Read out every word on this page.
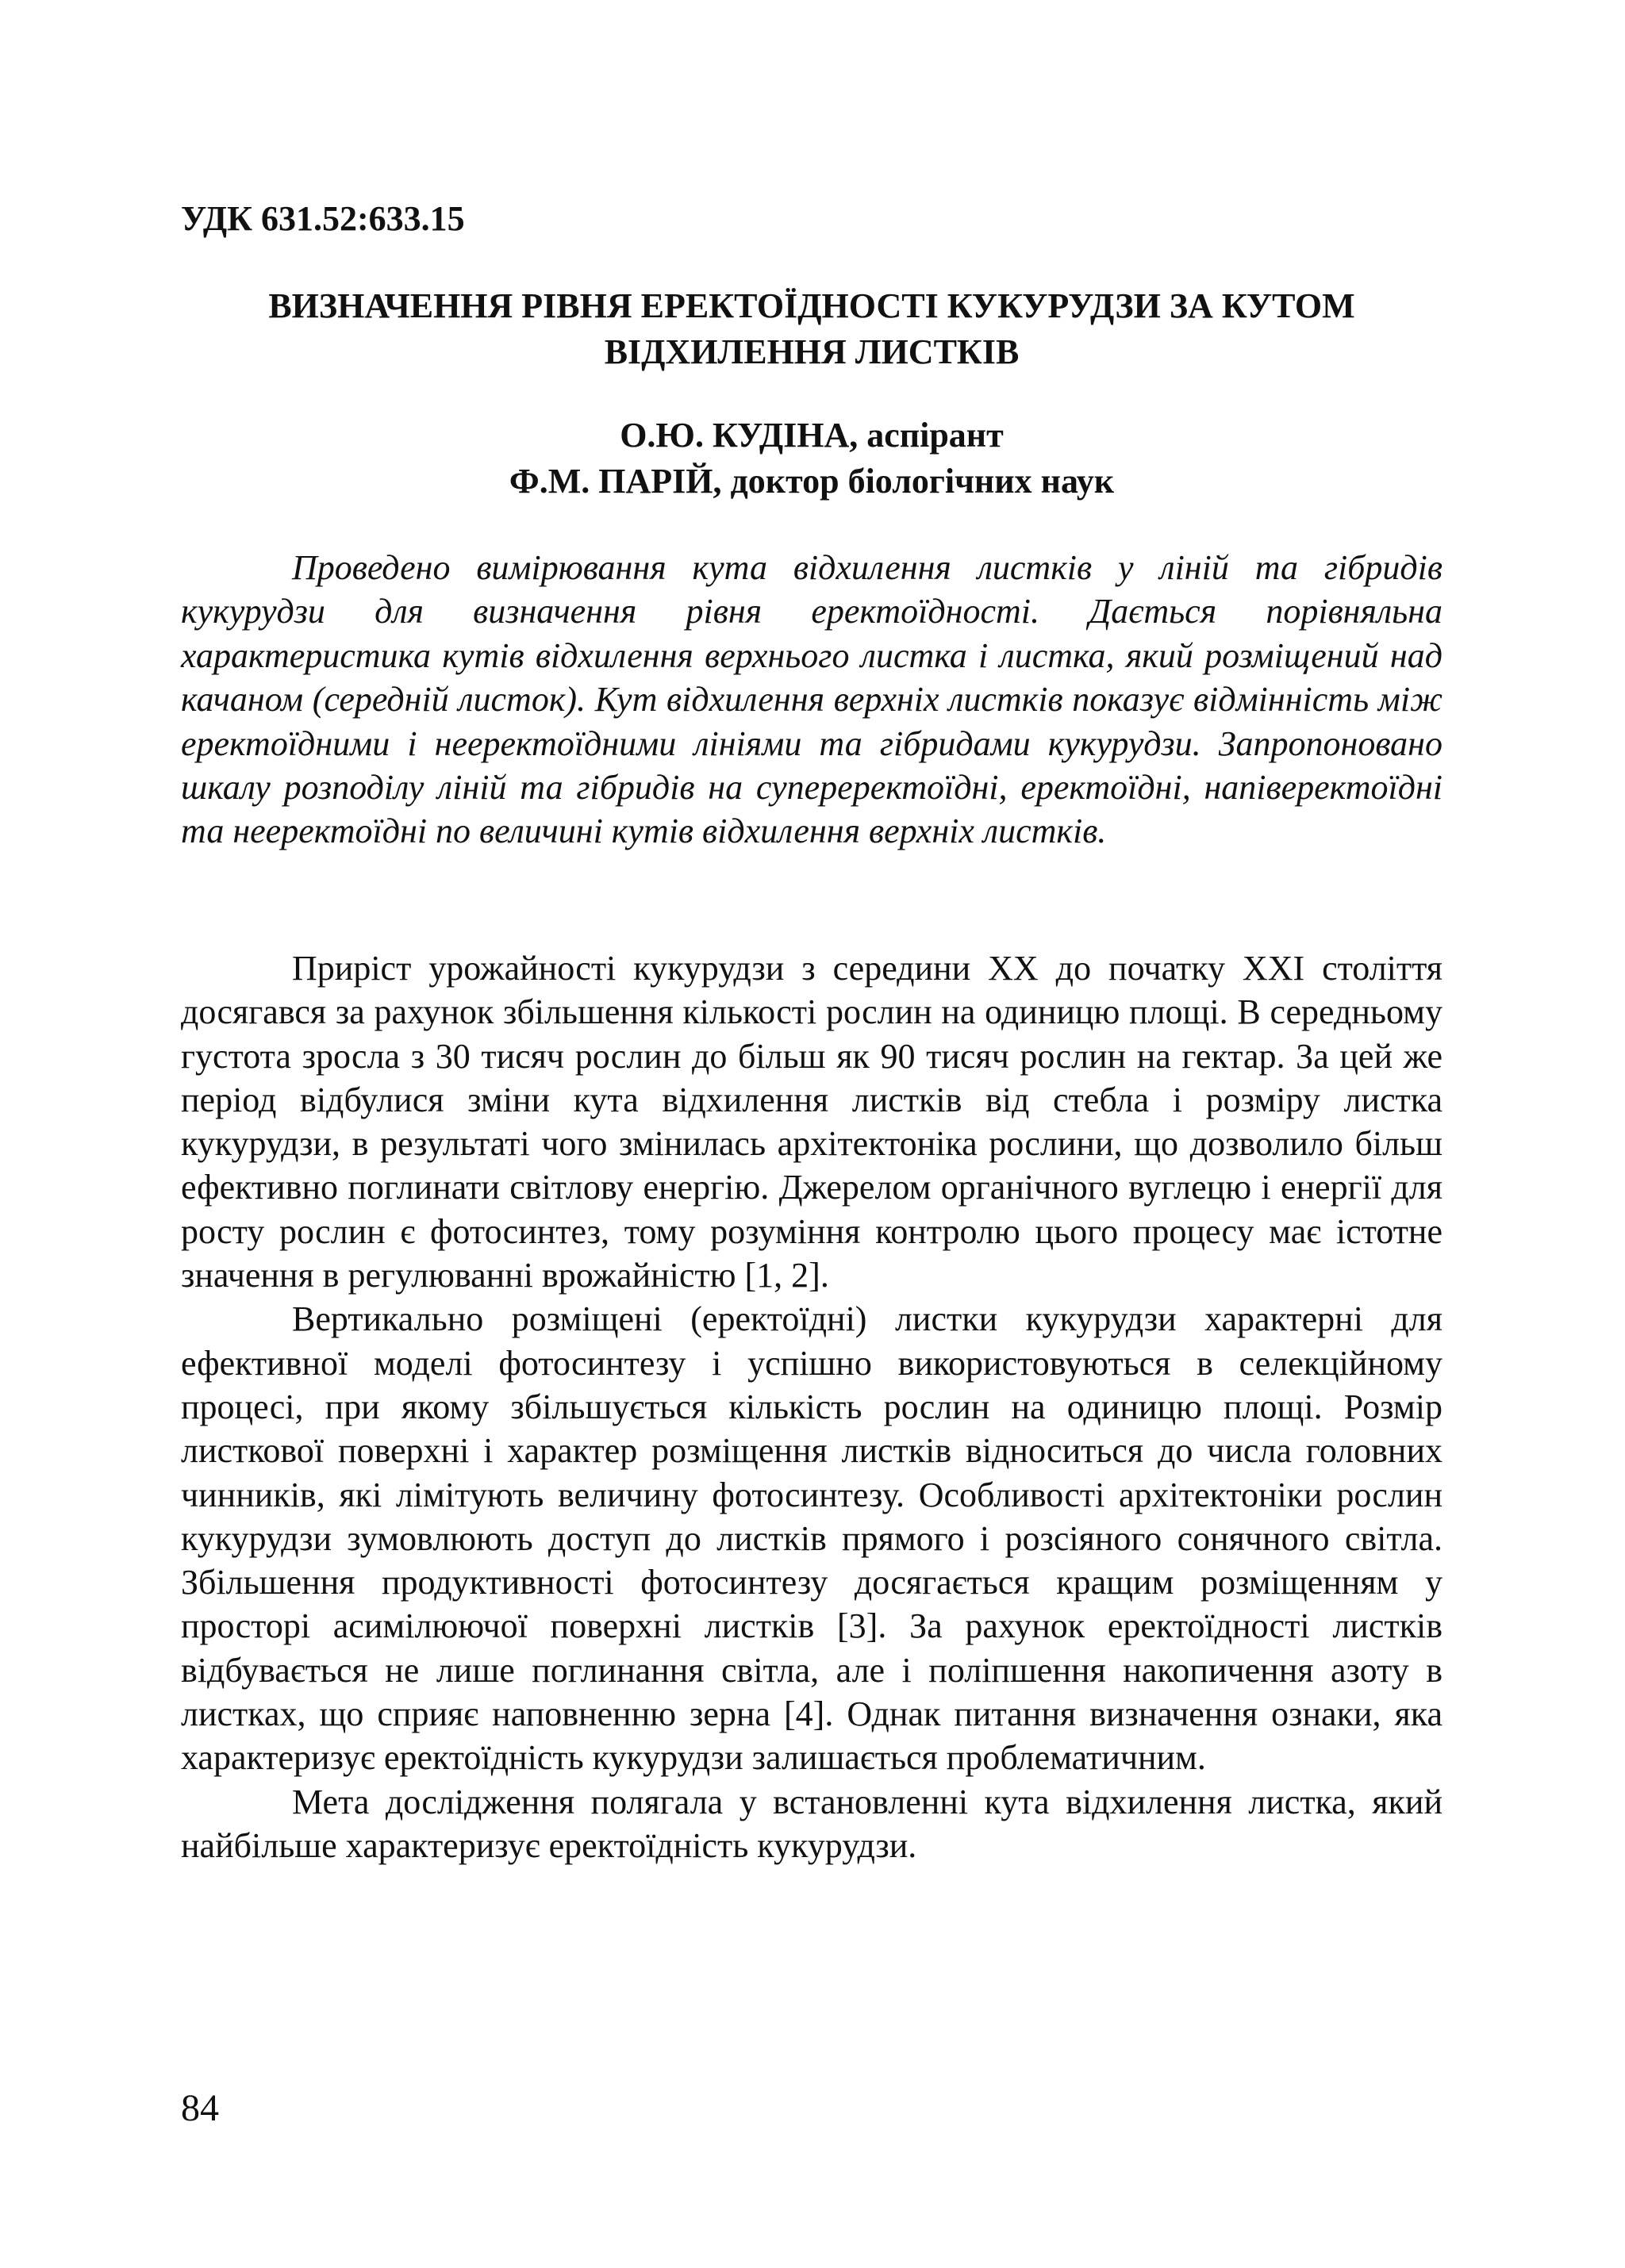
УДК 631.52:633.15

ВИЗНАЧЕННЯ РІВНЯ ЕРЕКТОЇДНОСТІ КУКУРУДЗИ ЗА КУТОМ ВІДХИЛЕННЯ ЛИСТКІВ
О.Ю. КУДІНА, аспірант
Ф.М. ПАРІЙ, доктор біологічних наук

Проведено вимірювання кута відхилення листків у ліній та гібридів кукурудзи для визначення рівня еректоїдності. Дається порівняльна характеристика кутів відхилення верхнього листка і листка, який розміщений над качаном (середній листок). Кут відхилення верхніх листків показує відмінність між еректоїдними і нееректоїдними лініями та гібридами кукурудзи. Запропоновано шкалу розподілу ліній та гібридів на супереректоїдні, еректоїдні, напіверектоїдні та нееректоїдні по величині кутів відхилення верхніх листків.

Приріст урожайності кукурудзи з середини XX до початку XXI століття досягався за рахунок збільшення кількості рослин на одиницю площі. В середньому густота зросла з 30 тисяч рослин до більш як 90 тисяч рослин на гектар. За цей же період відбулися зміни кута відхилення листків від стебла і розміру листка кукурудзи, в результаті чого змінилась архітектоніка рослини, що дозволило більш ефективно поглинати світлову енергію. Джерелом органічного вуглецю і енергії для росту рослин є фотосинтез, тому розуміння контролю цього процесу має істотне значення в регулюванні врожайністю [1, 2].

Вертикально розміщені (еректоїдні) листки кукурудзи характерні для ефективної моделі фотосинтезу і успішно використовуються в селекційному процесі, при якому збільшується кількість рослин на одиницю площі. Розмір листкової поверхні і характер розміщення листків відноситься до числа головних чинників, які лімітують величину фотосинтезу. Особливості архітектоніки рослин кукурудзи зумовлюють доступ до листків прямого і розсіяного сонячного світла. Збільшення продуктивності фотосинтезу досягається кращим розміщенням у просторі асимілюючої поверхні листків [3]. За рахунок еректоїдності листків відбувається не лише поглинання світла, але і поліпшення накопичення азоту в листках, що сприяє наповненню зерна [4]. Однак питання визначення ознаки, яка характеризує еректоїдність кукурудзи залишається проблематичним.

Мета дослідження полягала у встановленні кута відхилення листка, який найбільше характеризує еректоїдність кукурудзи.

84
